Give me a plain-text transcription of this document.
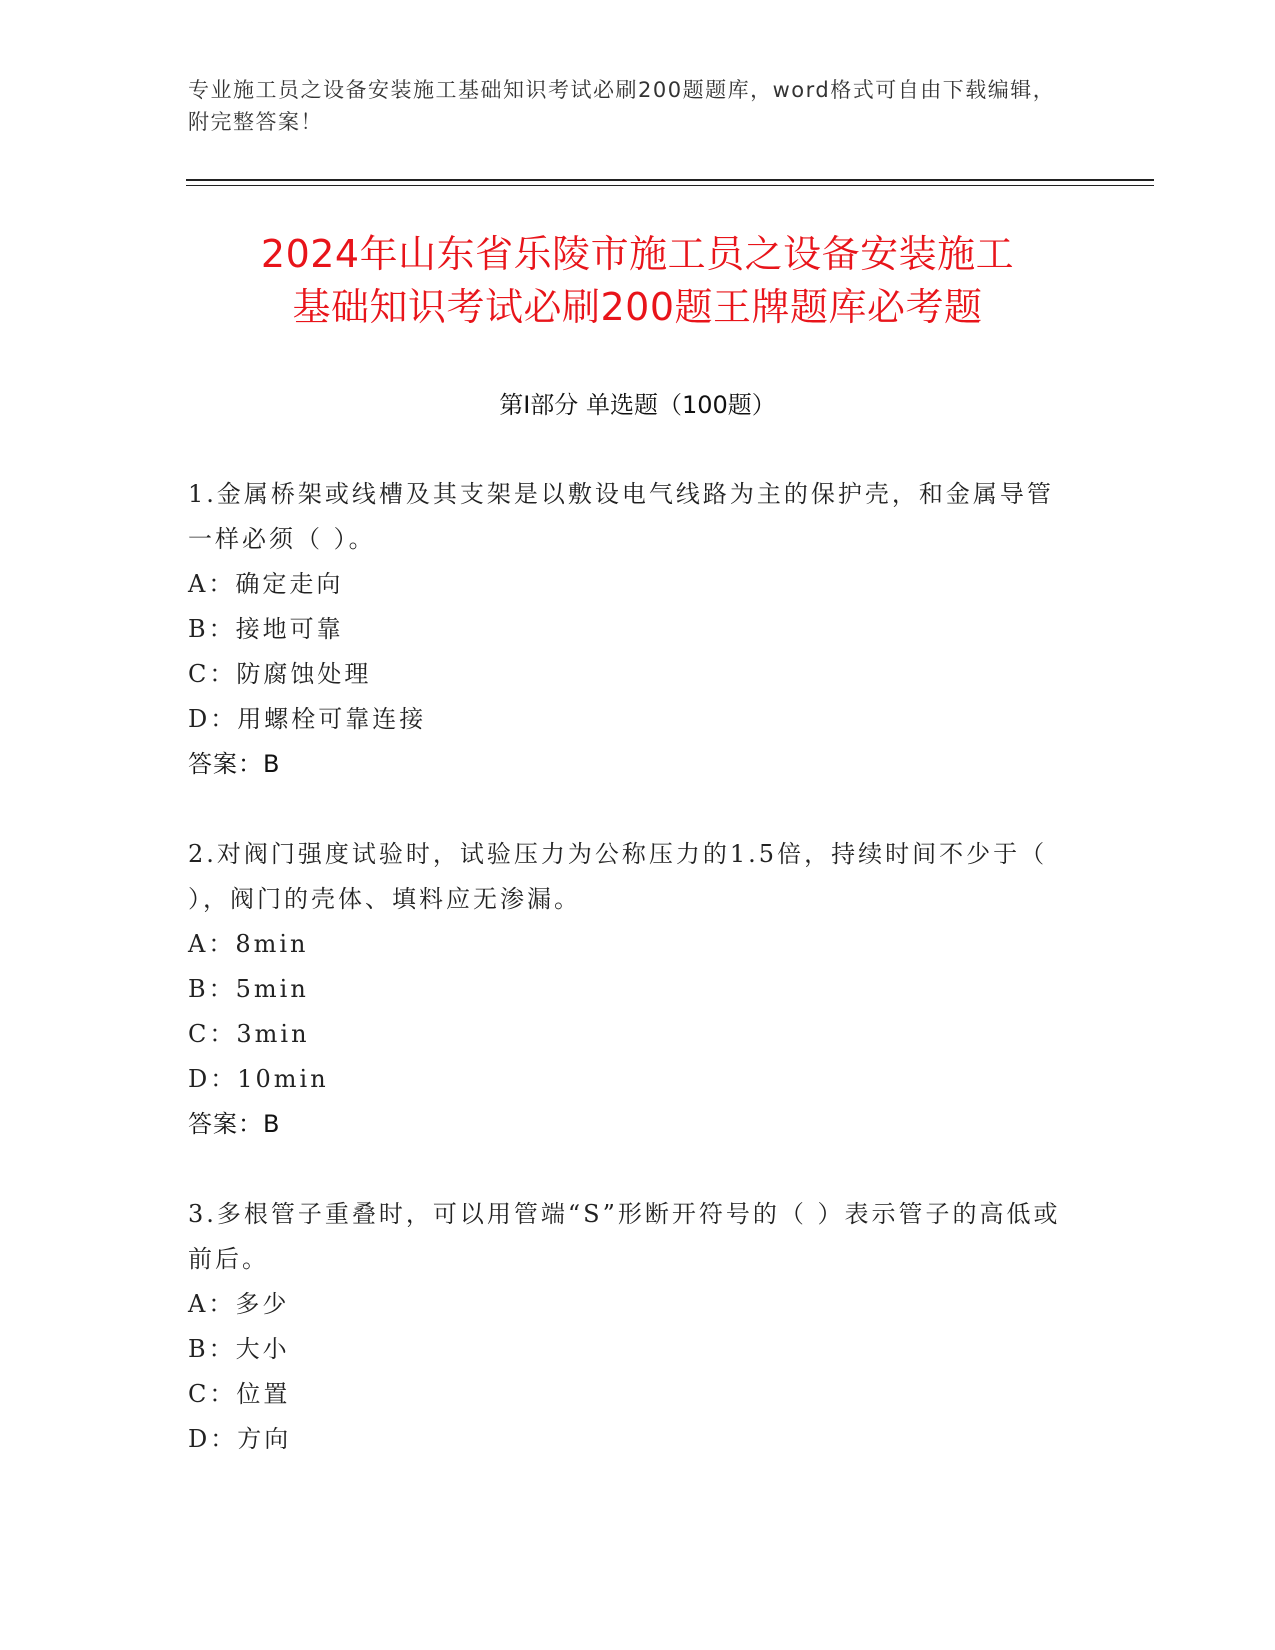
专业施工员之设备安装施工基础知识考试必刷200题题库，word格式可自由下载编辑，附完整答案！
2024年山东省乐陵市施工员之设备安装施工
基础知识考试必刷200题王牌题库必考题
第Ⅰ部分 单选题（100题）
1.金属桥架或线槽及其支架是以敷设电气线路为主的保护壳，和金属导管一样必须（ ）。
A：确定走向
B：接地可靠
C：防腐蚀处理
D：用螺栓可靠连接
答案：B
2.对阀门强度试验时，试验压力为公称压力的1.5倍，持续时间不少于（ ），阀门的壳体、填料应无渗漏。
A：8min
B：5min
C：3min
D：10min
答案：B
3.多根管子重叠时，可以用管端“S”形断开符号的（ ）表示管子的高低或前后。
A：多少
B：大小
C：位置
D：方向
